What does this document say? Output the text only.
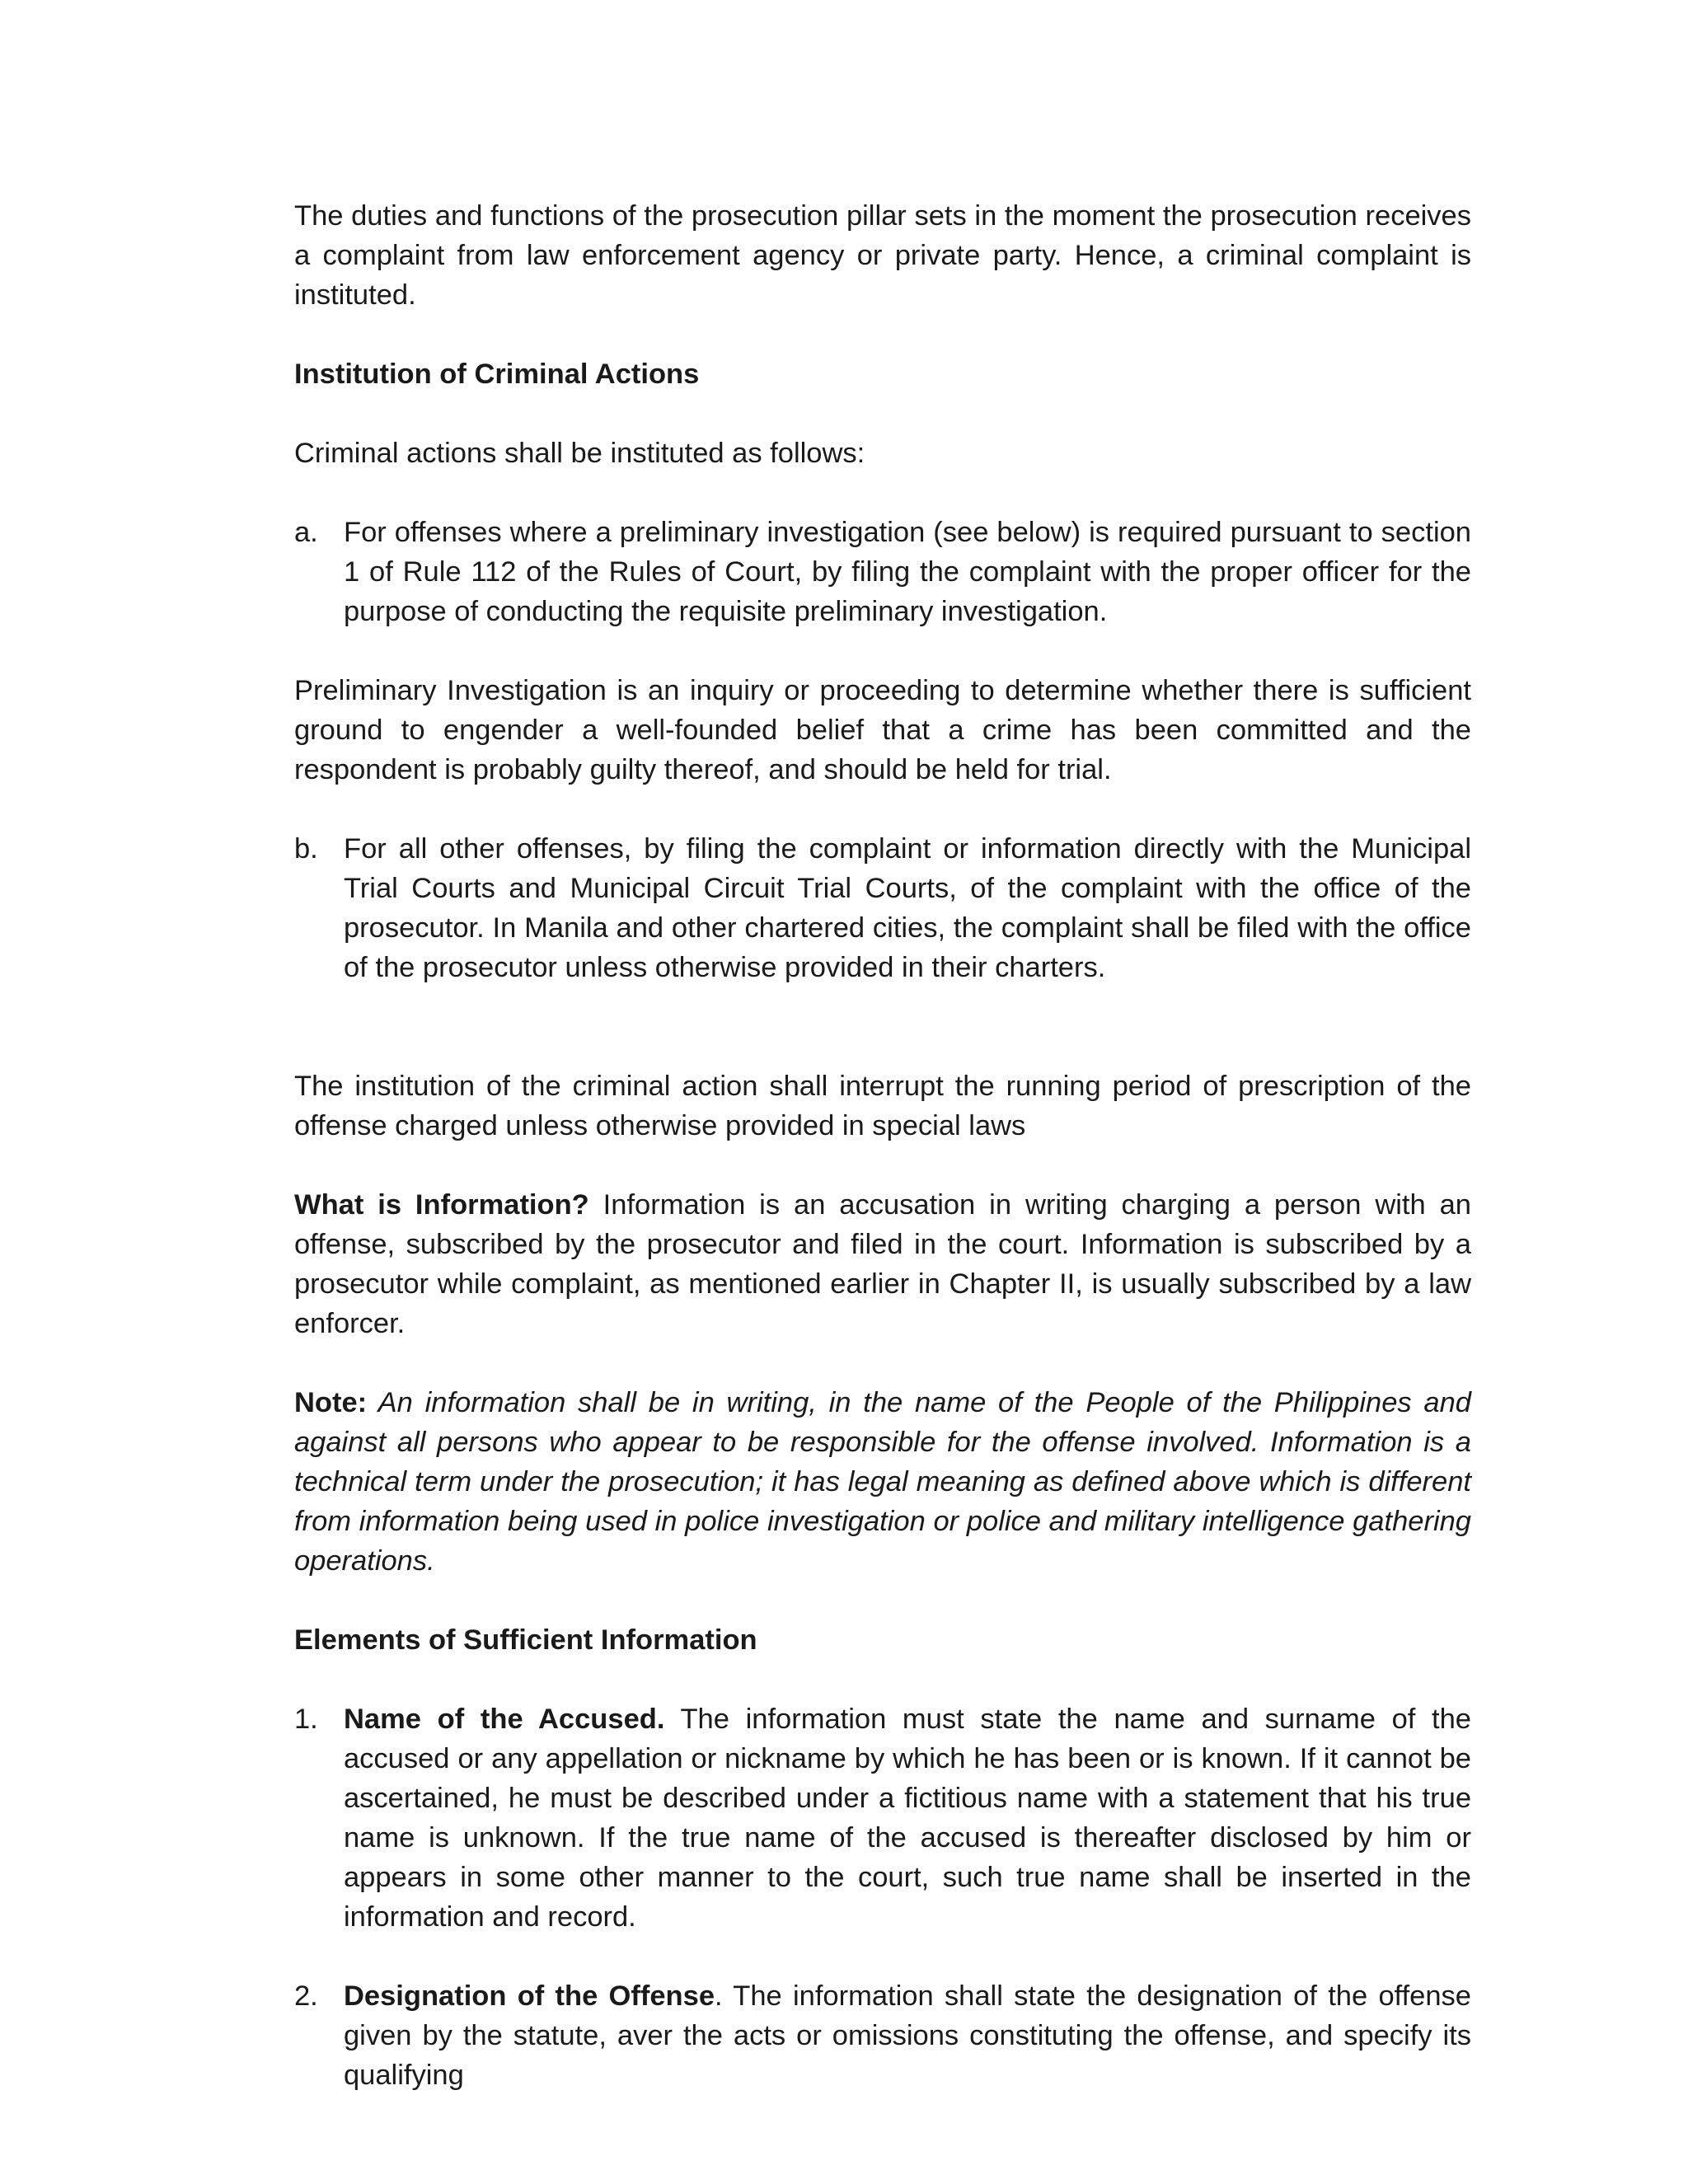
The duties and functions of the prosecution pillar sets in the moment the prosecution receives a complaint from law enforcement agency or private party. Hence, a criminal complaint is instituted.

Institution of Criminal Actions

Criminal actions shall be instituted as follows:

a. For offenses where a preliminary investigation (see below) is required pursuant to section 1 of Rule 112 of the Rules of Court, by filing the complaint with the proper officer for the purpose of conducting the requisite preliminary investigation.

Preliminary Investigation is an inquiry or proceeding to determine whether there is sufficient ground to engender a well-founded belief that a crime has been committed and the respondent is probably guilty thereof, and should be held for trial.

b. For all other offenses, by filing the complaint or information directly with the Municipal Trial Courts and Municipal Circuit Trial Courts, of the complaint with the office of the prosecutor. In Manila and other chartered cities, the complaint shall be filed with the office of the prosecutor unless otherwise provided in their charters.

The institution of the criminal action shall interrupt the running period of prescription of the offense charged unless otherwise provided in special laws

What is Information? Information is an accusation in writing charging a person with an offense, subscribed by the prosecutor and filed in the court. Information is subscribed by a prosecutor while complaint, as mentioned earlier in Chapter II, is usually subscribed by a law enforcer.

Note: An information shall be in writing, in the name of the People of the Philippines and against all persons who appear to be responsible for the offense involved. Information is a technical term under the prosecution; it has legal meaning as defined above which is different from information being used in police investigation or police and military intelligence gathering operations.

Elements of Sufficient Information

1. Name of the Accused. The information must state the name and surname of the accused or any appellation or nickname by which he has been or is known. If it cannot be ascertained, he must be described under a fictitious name with a statement that his true name is unknown. If the true name of the accused is thereafter disclosed by him or appears in some other manner to the court, such true name shall be inserted in the information and record.
2. Designation of the Offense. The information shall state the designation of the offense given by the statute, aver the acts or omissions constituting the offense, and specify its qualifying
